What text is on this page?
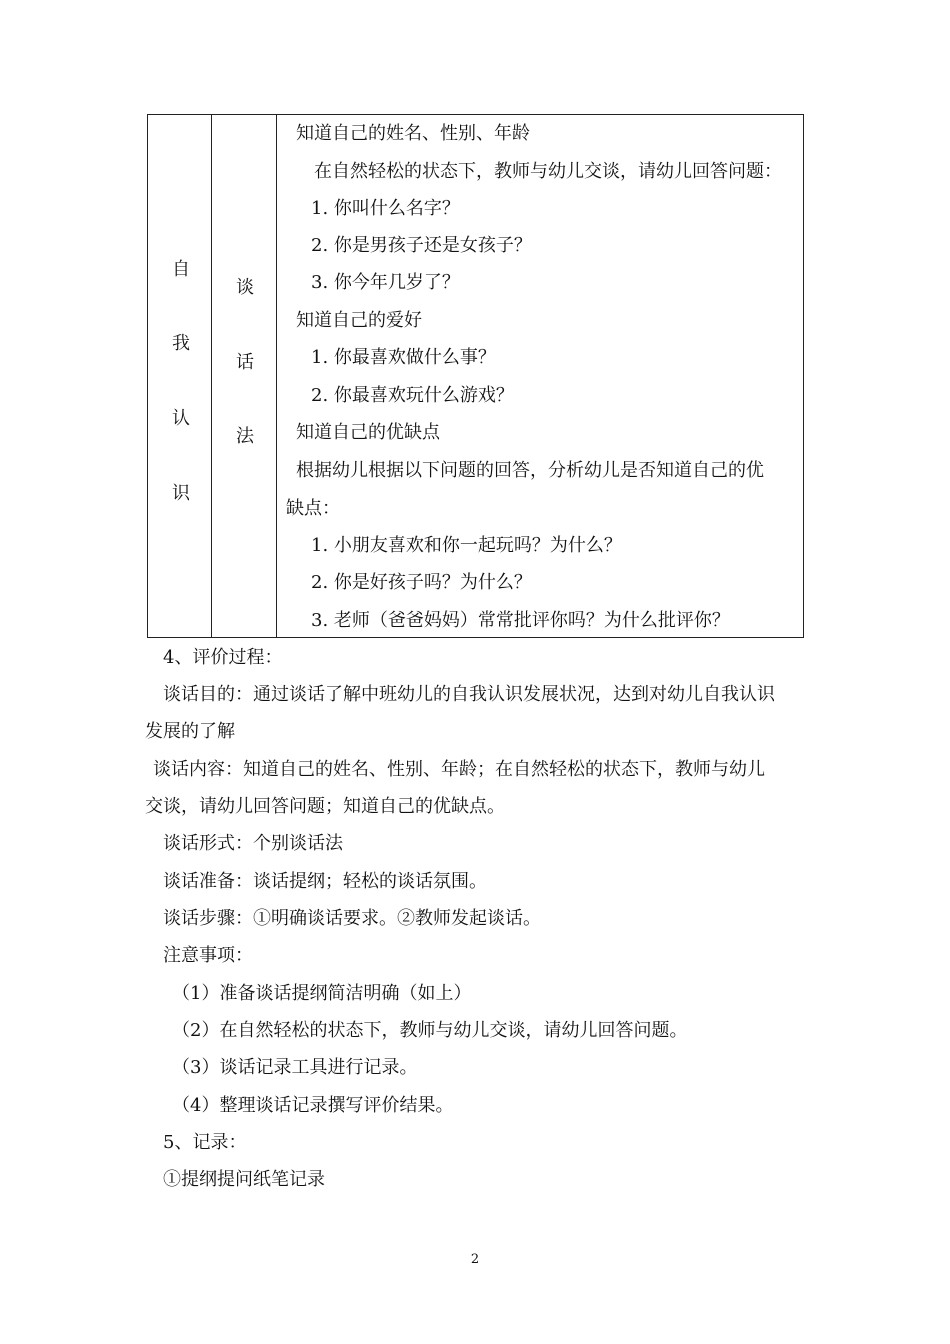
自
我
认
识
谈
话
法
知道自己的姓名、性别、年龄
在自然轻松的状态下，教师与幼儿交谈，请幼儿回答问题：
1. 你叫什么名字？
2. 你是男孩子还是女孩子？
3. 你今年几岁了？
知道自己的爱好
1. 你最喜欢做什么事？
2. 你最喜欢玩什么游戏？
知道自己的优缺点
根据幼儿根据以下问题的回答，分析幼儿是否知道自己的优
缺点：
1. 小朋友喜欢和你一起玩吗？为什么？
2. 你是好孩子吗？为什么？
3. 老师（爸爸妈妈）常常批评你吗？为什么批评你？
4、评价过程：
谈话目的：通过谈话了解中班幼儿的自我认识发展状况，达到对幼儿自我认识
发展的了解
谈话内容：知道自己的姓名、性别、年龄；在自然轻松的状态下，教师与幼儿
交谈，请幼儿回答问题；知道自己的优缺点。
谈话形式：个别谈话法
谈话准备：谈话提纲；轻松的谈话氛围。
谈话步骤：①明确谈话要求。②教师发起谈话。
注意事项：
（1）准备谈话提纲简洁明确（如上）
（2）在自然轻松的状态下，教师与幼儿交谈，请幼儿回答问题。
（3）谈话记录工具进行记录。
（4）整理谈话记录撰写评价结果。
5、记录：
①提纲提问纸笔记录
2
